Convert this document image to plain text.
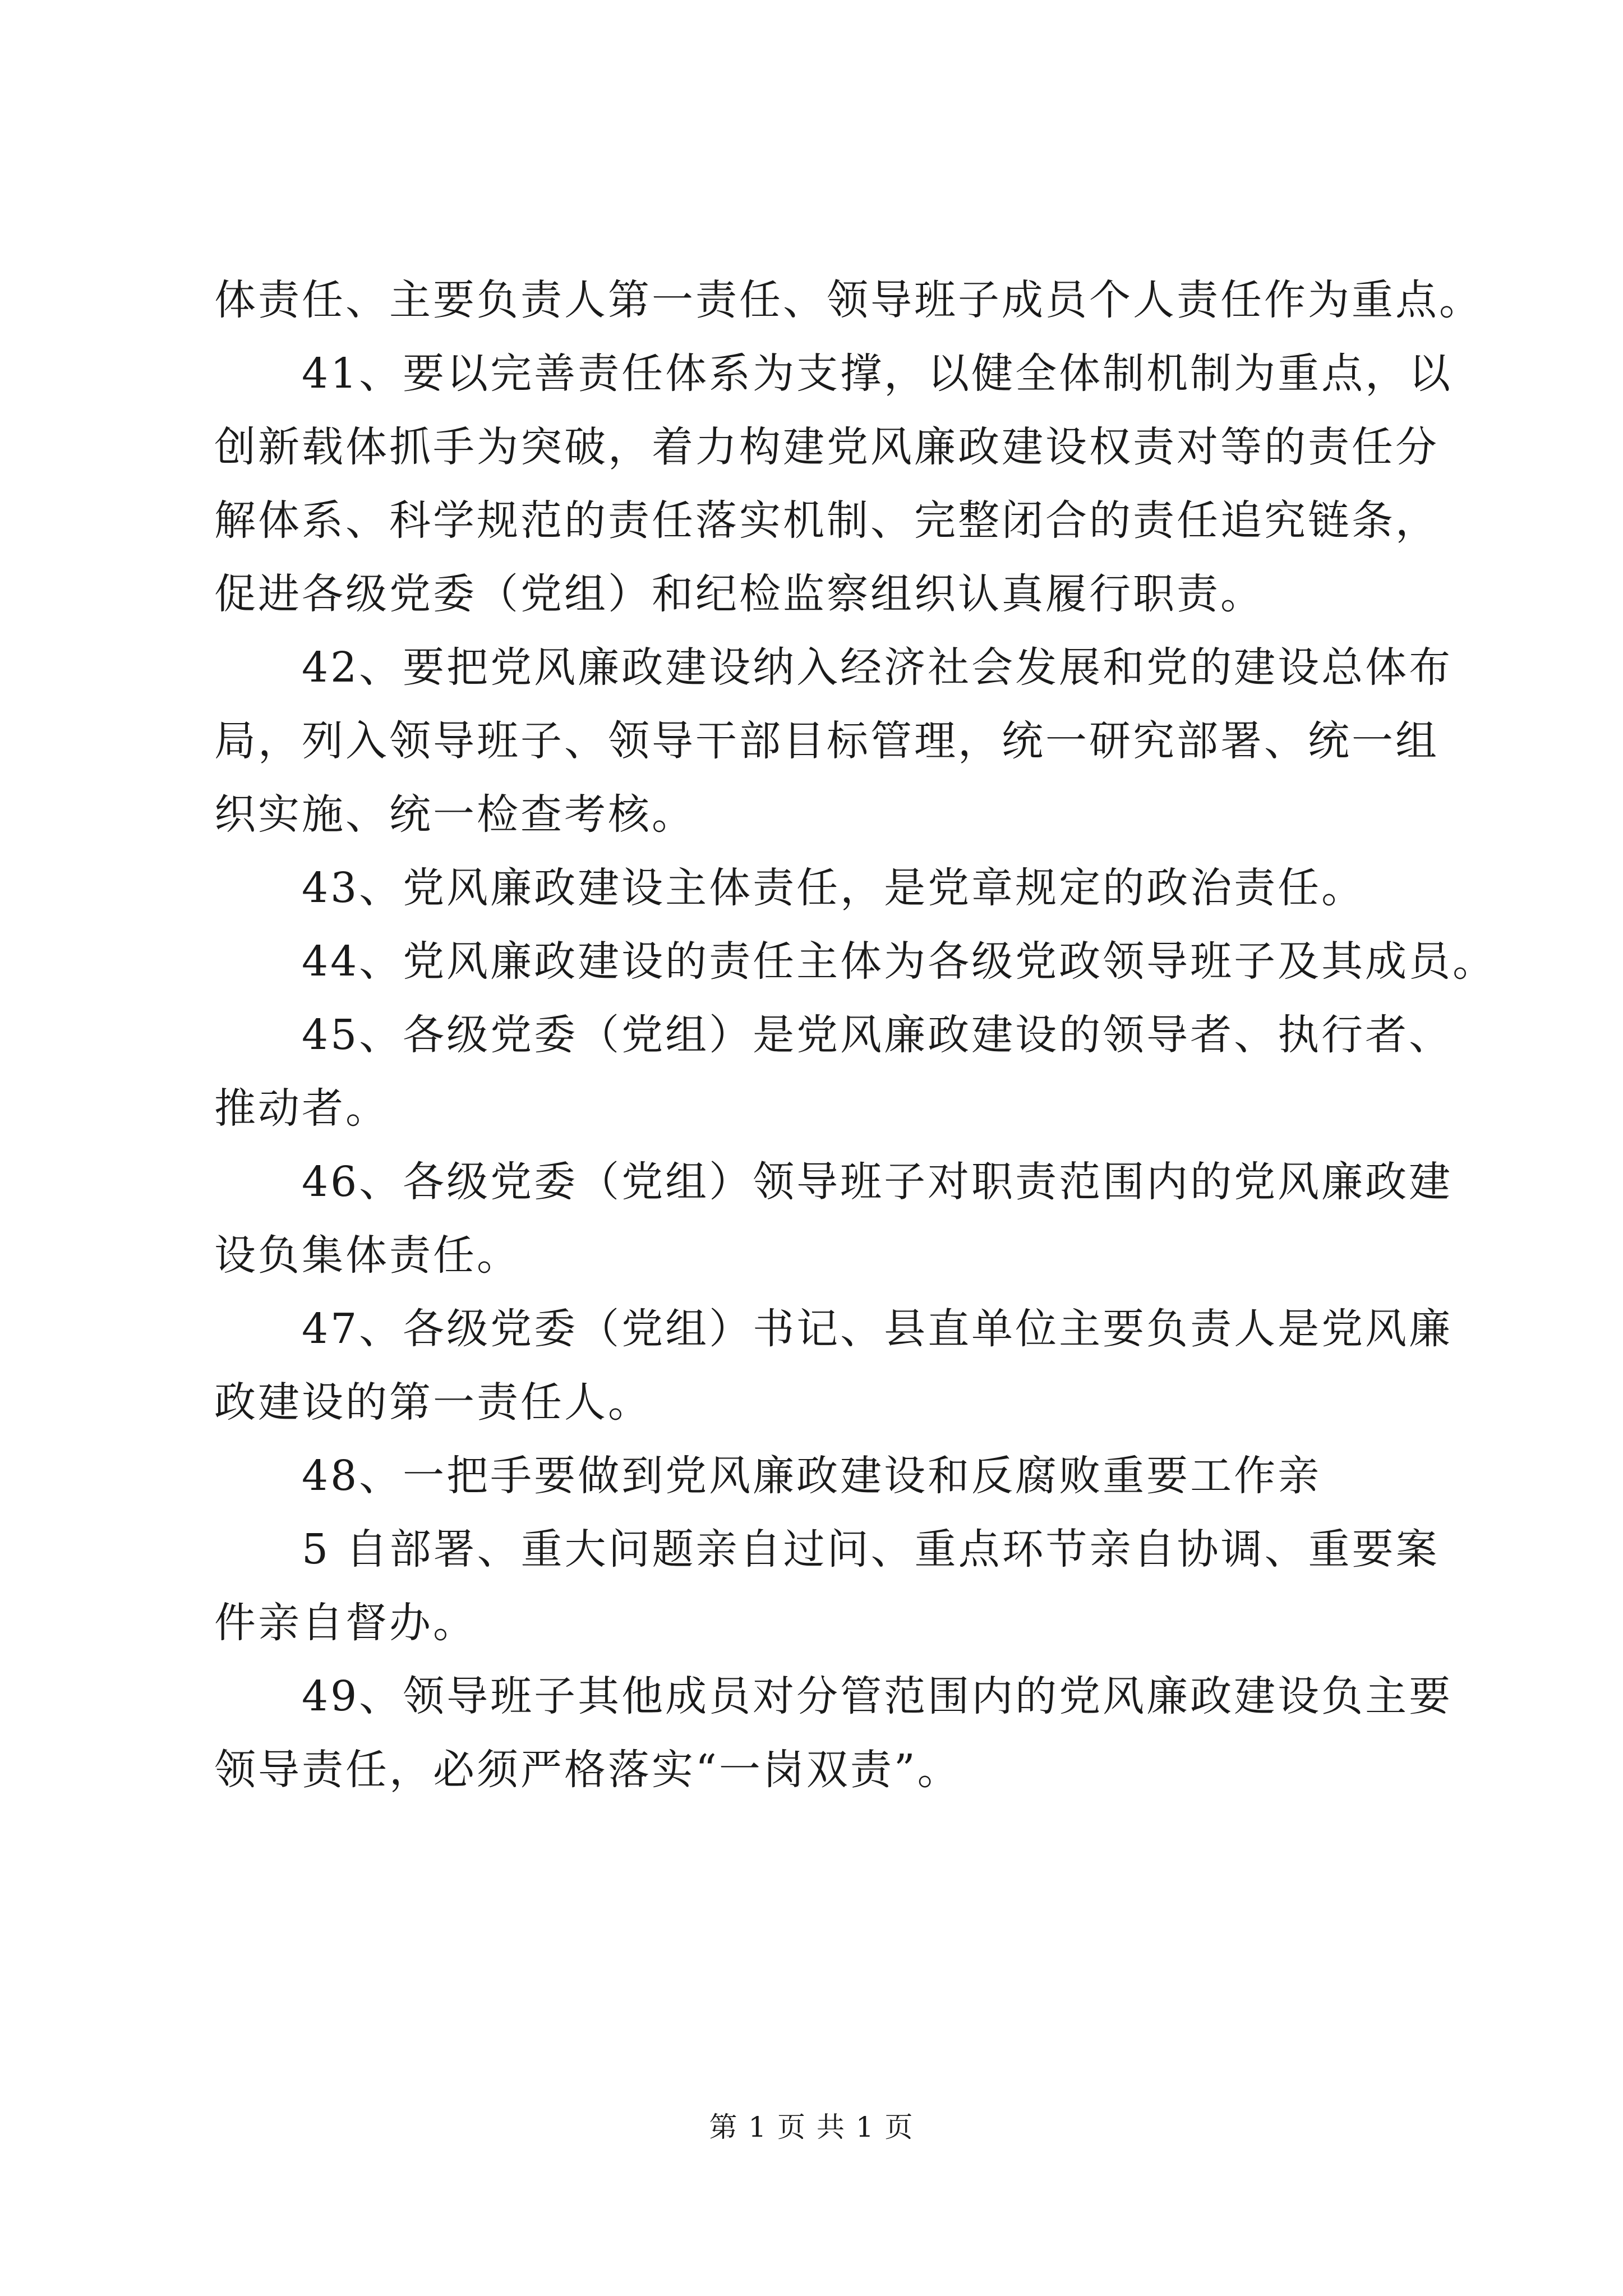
体责任、主要负责人第一责任、领导班子成员个人责任作为重点。
41、要以完善责任体系为支撑，以健全体制机制为重点，以
创新载体抓手为突破，着力构建党风廉政建设权责对等的责任分
解体系、科学规范的责任落实机制、完整闭合的责任追究链条，
促进各级党委（党组）和纪检监察组织认真履行职责。
42、要把党风廉政建设纳入经济社会发展和党的建设总体布
局，列入领导班子、领导干部目标管理，统一研究部署、统一组
织实施、统一检查考核。
43、党风廉政建设主体责任，是党章规定的政治责任。
44、党风廉政建设的责任主体为各级党政领导班子及其成员。
45、各级党委（党组）是党风廉政建设的领导者、执行者、
推动者。
46、各级党委（党组）领导班子对职责范围内的党风廉政建
设负集体责任。
47、各级党委（党组）书记、县直单位主要负责人是党风廉
政建设的第一责任人。
48、一把手要做到党风廉政建设和反腐败重要工作亲
5 自部署、重大问题亲自过问、重点环节亲自协调、重要案
件亲自督办。
49、领导班子其他成员对分管范围内的党风廉政建设负主要
领导责任，必须严格落实“一岗双责”。
第 1 页 共 1 页
